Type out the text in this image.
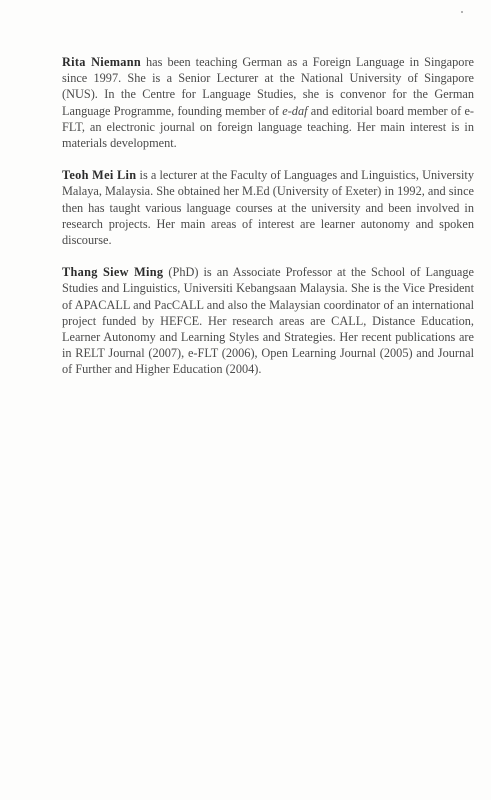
Rita Niemann has been teaching German as a Foreign Language in Singapore since 1997. She is a Senior Lecturer at the National University of Singapore (NUS). In the Centre for Language Studies, she is convenor for the German Language Programme, founding member of e-daf and editorial board member of e-FLT, an electronic journal on foreign language teaching. Her main interest is in materials development.

Teoh Mei Lin is a lecturer at the Faculty of Languages and Linguistics, University Malaya, Malaysia. She obtained her M.Ed (University of Exeter) in 1992, and since then has taught various language courses at the university and been involved in research projects. Her main areas of interest are learner autonomy and spoken discourse.

Thang Siew Ming (PhD) is an Associate Professor at the School of Language Studies and Linguistics, Universiti Kebangsaan Malaysia. She is the Vice President of APACALL and PacCALL and also the Malaysian coordinator of an international project funded by HEFCE. Her research areas are CALL, Distance Education, Learner Autonomy and Learning Styles and Strategies. Her recent publications are in RELT Journal (2007), e-FLT (2006), Open Learning Journal (2005) and Journal of Further and Higher Education (2004).
